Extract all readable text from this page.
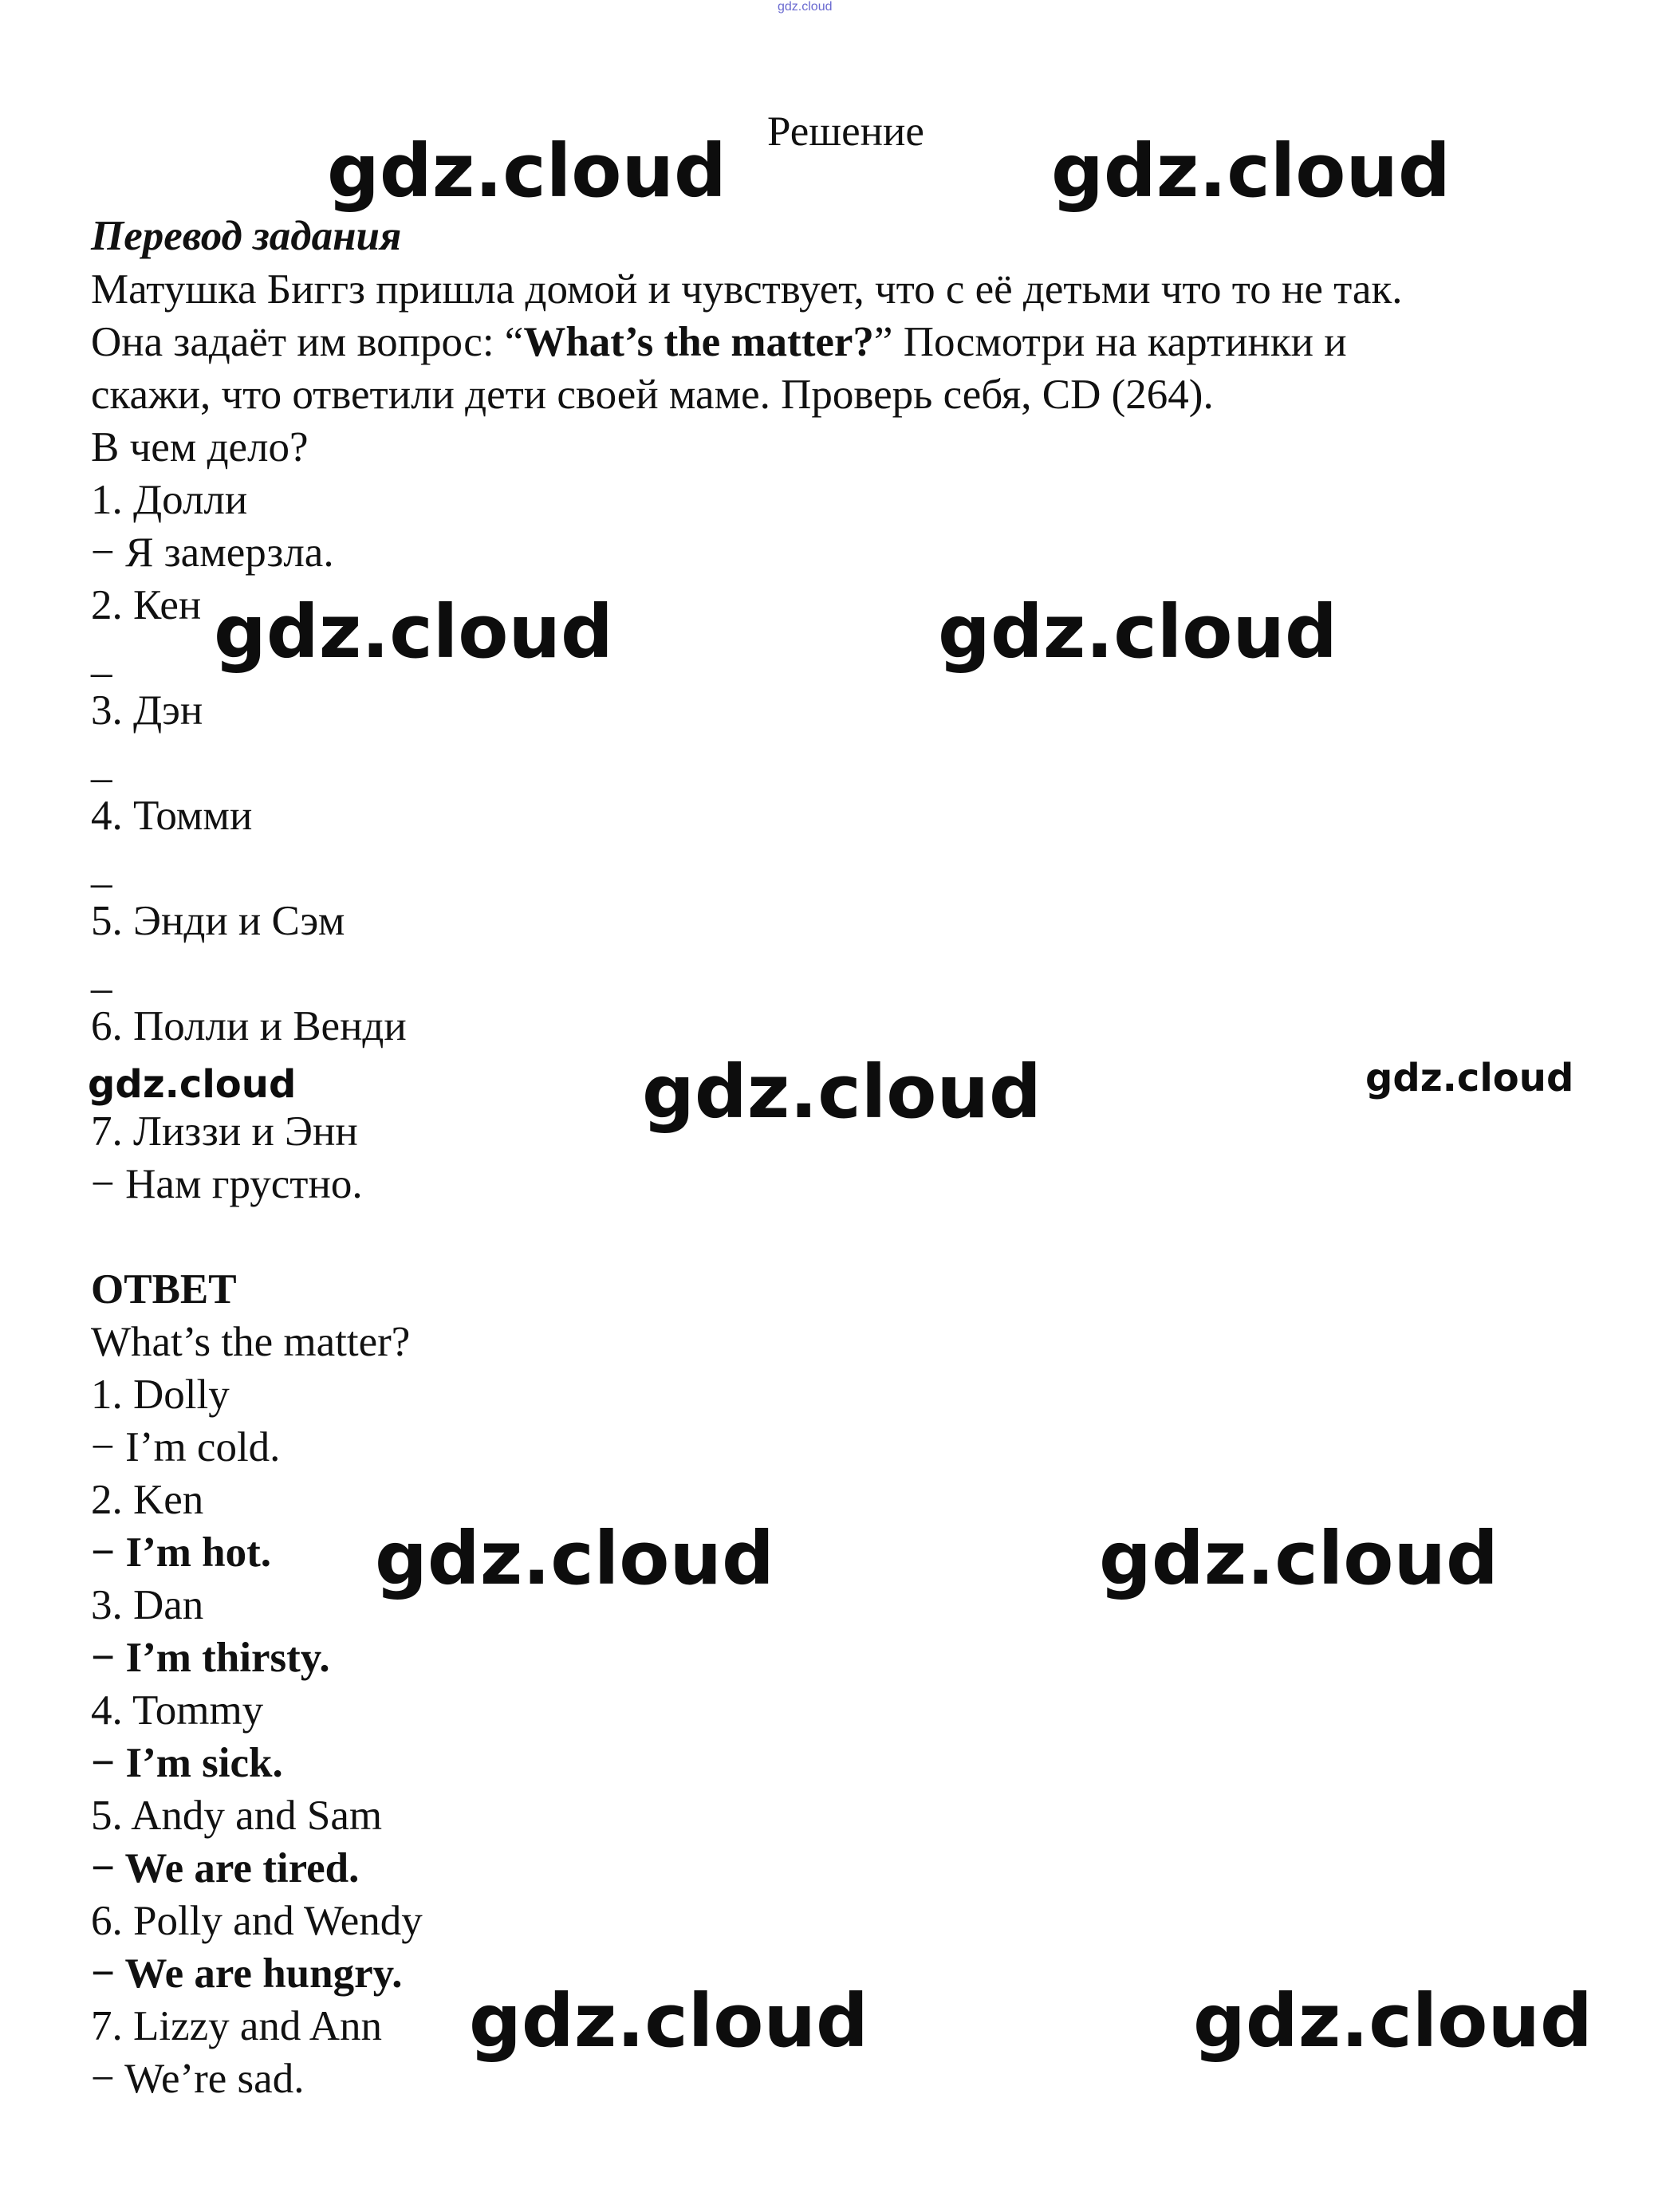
gdz.cloud
Решение
Перевод задания
Матушка Биггз пришла домой и чувствует, что с её детьми что то не так.
Она задаёт им вопрос: “What’s the matter?” Посмотри на картинки и
скажи, что ответили дети своей маме. Проверь себя, CD (264).
В чем дело?
1. Долли
− Я замерзла.
2. Кен
_
3. Дэн
_
4. Томми
_
5. Энди и Сэм
_
6. Полли и Венди
7. Лиззи и Энн
− Нам грустно.
ОТВЕТ
What’s the matter?
1. Dolly
− I’m cold.
2. Ken
− I’m hot.
3. Dan
− I’m thirsty.
4. Tommy
− I’m sick.
5. Andy and Sam
− We are tired.
6. Polly and Wendy
− We are hungry.
7. Lizzy and Ann
− We’re sad.
gdz.cloud	gdz.cloud
gdz.cloud	gdz.cloud
gdz.cloud	gdz.cloud	gdz.cloud
gdz.cloud	gdz.cloud
gdz.cloud	gdz.cloud
